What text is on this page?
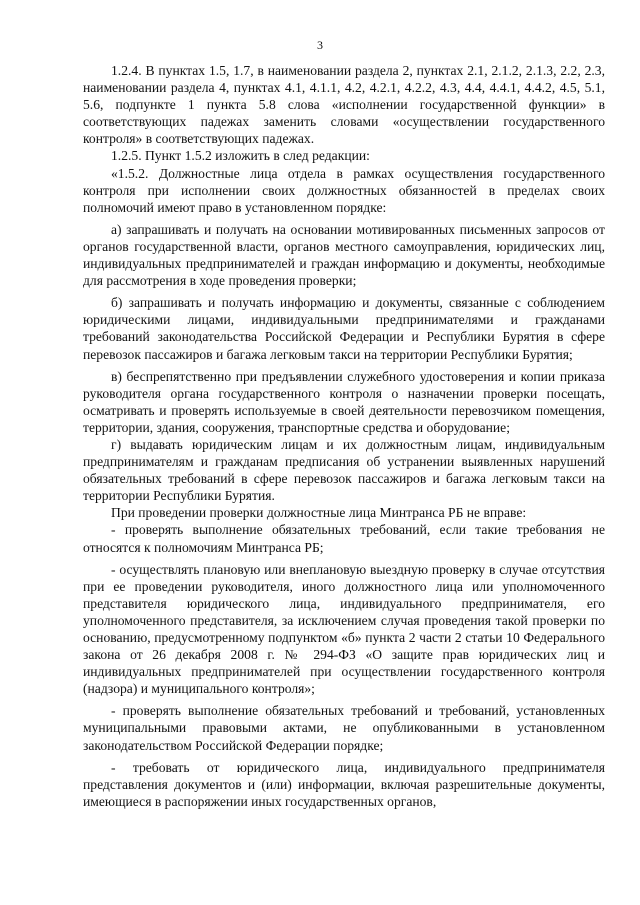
3

1.2.4. В пунктах 1.5, 1.7, в наименовании раздела 2, пунктах 2.1, 2.1.2, 2.1.3, 2.2, 2.3, наименовании раздела 4, пунктах 4.1, 4.1.1, 4.2, 4.2.1, 4.2.2, 4.3, 4.4, 4.4.1, 4.4.2, 4.5, 5.1, 5.6, подпункте 1 пункта 5.8 слова «исполнении государственной функции» в соответствующих падежах заменить словами «осуществлении государственного контроля» в соответствующих падежах.

1.2.5. Пункт 1.5.2 изложить в след редакции:

«1.5.2. Должностные лица отдела в рамках осуществления государственного контроля при исполнении своих должностных обязанностей в пределах своих полномочий имеют право в установленном порядке:

а) запрашивать и получать на основании мотивированных письменных запросов от органов государственной власти, органов местного самоуправления, юридических лиц, индивидуальных предпринимателей и граждан информацию и документы, необходимые для рассмотрения в ходе проведения проверки;

б) запрашивать и получать информацию и документы, связанные с соблюдением юридическими лицами, индивидуальными предпринимателями и гражданами требований законодательства Российской Федерации и Республики Бурятия в сфере перевозок пассажиров и багажа легковым такси на территории Республики Бурятия;

в) беспрепятственно при предъявлении служебного удостоверения и копии приказа руководителя органа государственного контроля о назначении проверки посещать, осматривать и проверять используемые в своей деятельности перевозчиком помещения, территории, здания, сооружения, транспортные средства и оборудование;

г) выдавать юридическим лицам и их должностным лицам, индивидуальным предпринимателям и гражданам предписания об устранении выявленных нарушений обязательных требований в сфере перевозок пассажиров и багажа легковым такси на территории Республики Бурятия.

При проведении проверки должностные лица Минтранса РБ не вправе:

- проверять выполнение обязательных требований, если такие требования не относятся к полномочиям Минтранса РБ;

- осуществлять плановую или внеплановую выездную проверку в случае отсутствия при ее проведении руководителя, иного должностного лица или уполномоченного представителя юридического лица, индивидуального предпринимателя, его уполномоченного представителя, за исключением случая проведения такой проверки по основанию, предусмотренному подпунктом «б» пункта 2 части 2 статьи 10 Федерального закона от 26 декабря 2008 г. № 294-ФЗ «О защите прав юридических лиц и индивидуальных предпринимателей при осуществлении государственного контроля (надзора) и муниципального контроля»;

- проверять выполнение обязательных требований и требований, установленных муниципальными правовыми актами, не опубликованными в установленном законодательством Российской Федерации порядке;

- требовать от юридического лица, индивидуального предпринимателя представления документов и (или) информации, включая разрешительные документы, имеющиеся в распоряжении иных государственных органов,
